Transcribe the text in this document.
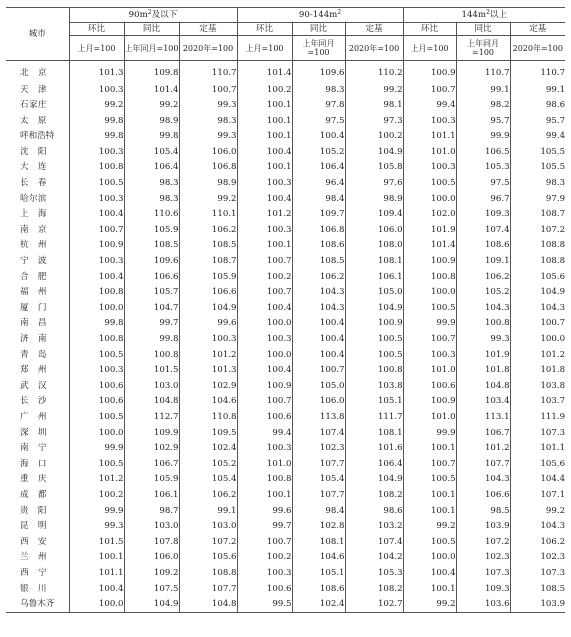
城市	$90m^2$及以下			$90-144m^2$			$144m^2$以上		
	环比	同比	定基	环比	同比	定基	环比	同比	定基
	上月=100	上年同月=100	2020年=100	上月=100	上年同月=100	2020年=100	上月=100	上年同月=100	2020年=100
北京	101.3	109.8	110.7	101.4	109.6	110.2	100.9	110.7	110.7
天津	100.3	101.4	100.7	100.2	98.3	99.2	100.7	99.1	99.1
石家庄	99.2	99.2	99.3	100.1	97.8	98.1	99.4	98.2	98.6
太原	99.8	98.9	98.3	100.1	97.5	97.3	100.3	95.7	95.7
呼和浩特	99.8	99.8	99.3	100.1	100.4	100.2	101.1	99.9	99.4
沈阳	100.3	105.4	106.0	100.4	105.2	104.9	101.0	106.5	105.5
大连	100.8	106.4	106.8	100.1	106.4	105.8	100.3	105.3	105.5
长春	100.5	98.3	98.9	100.3	96.4	97.6	100.5	97.5	98.3
哈尔滨	100.3	98.3	99.2	100.4	98.4	98.9	100.0	96.7	97.9
上海	100.4	110.6	110.1	101.2	109.7	109.4	102.0	109.3	108.7
南京	100.7	105.9	106.2	100.3	106.8	106.0	101.9	107.4	107.2
杭州	100.9	108.5	108.5	100.1	108.6	108.0	101.4	108.6	108.8
宁波	100.3	109.6	108.7	100.7	108.5	108.1	100.9	109.1	108.8
合肥	100.4	106.6	105.9	100.2	106.2	106.1	100.8	106.2	105.6
福州	100.8	105.7	106.6	100.7	104.3	105.0	100.0	105.2	104.9
厦门	100.0	104.7	104.9	100.4	104.3	104.9	100.5	104.3	104.3
南昌	99.8	99.7	99.6	100.0	100.4	100.9	99.9	100.8	100.7
济南	100.8	99.8	100.3	100.3	100.4	100.5	100.7	99.3	100.0
青岛	100.5	100.8	101.2	100.0	100.4	100.5	100.3	101.9	101.2
郑州	100.3	101.5	101.3	100.4	100.7	100.8	101.0	101.8	101.8
武汉	100.6	103.0	102.9	100.9	105.0	103.8	100.6	104.8	103.8
长沙	100.6	104.8	104.6	100.7	106.0	105.1	100.9	103.4	103.7
广州	100.5	112.7	110.8	100.6	113.8	111.7	101.0	113.1	111.9
深圳	100.0	109.9	109.5	99.4	107.4	108.1	99.9	106.7	107.3
南宁	99.9	102.9	102.4	100.3	102.3	101.6	100.1	101.2	101.1
海口	100.5	106.7	105.2	101.0	107.7	106.4	100.7	107.7	105.6
重庆	101.2	105.9	105.4	100.8	105.4	104.9	100.5	104.3	104.4
成都	100.2	106.1	106.2	100.1	107.7	108.2	100.1	106.6	107.1
贵阳	99.9	98.7	99.1	99.6	98.4	98.6	100.1	98.5	99.2
昆明	99.3	103.0	103.0	99.7	102.8	103.2	99.2	103.9	104.3
西安	101.5	107.8	107.2	100.7	108.1	107.4	100.5	107.2	106.2
兰州	100.1	106.0	105.6	100.2	104.6	104.2	100.0	102.3	102.3
西宁	101.1	109.2	108.8	100.3	105.1	105.3	100.4	107.3	107.3
银川	100.4	107.5	107.7	100.6	108.6	108.2	100.1	109.3	108.5
乌鲁木齐	100.0	104.9	104.8	99.5	102.4	102.7	99.2	103.6	103.9
